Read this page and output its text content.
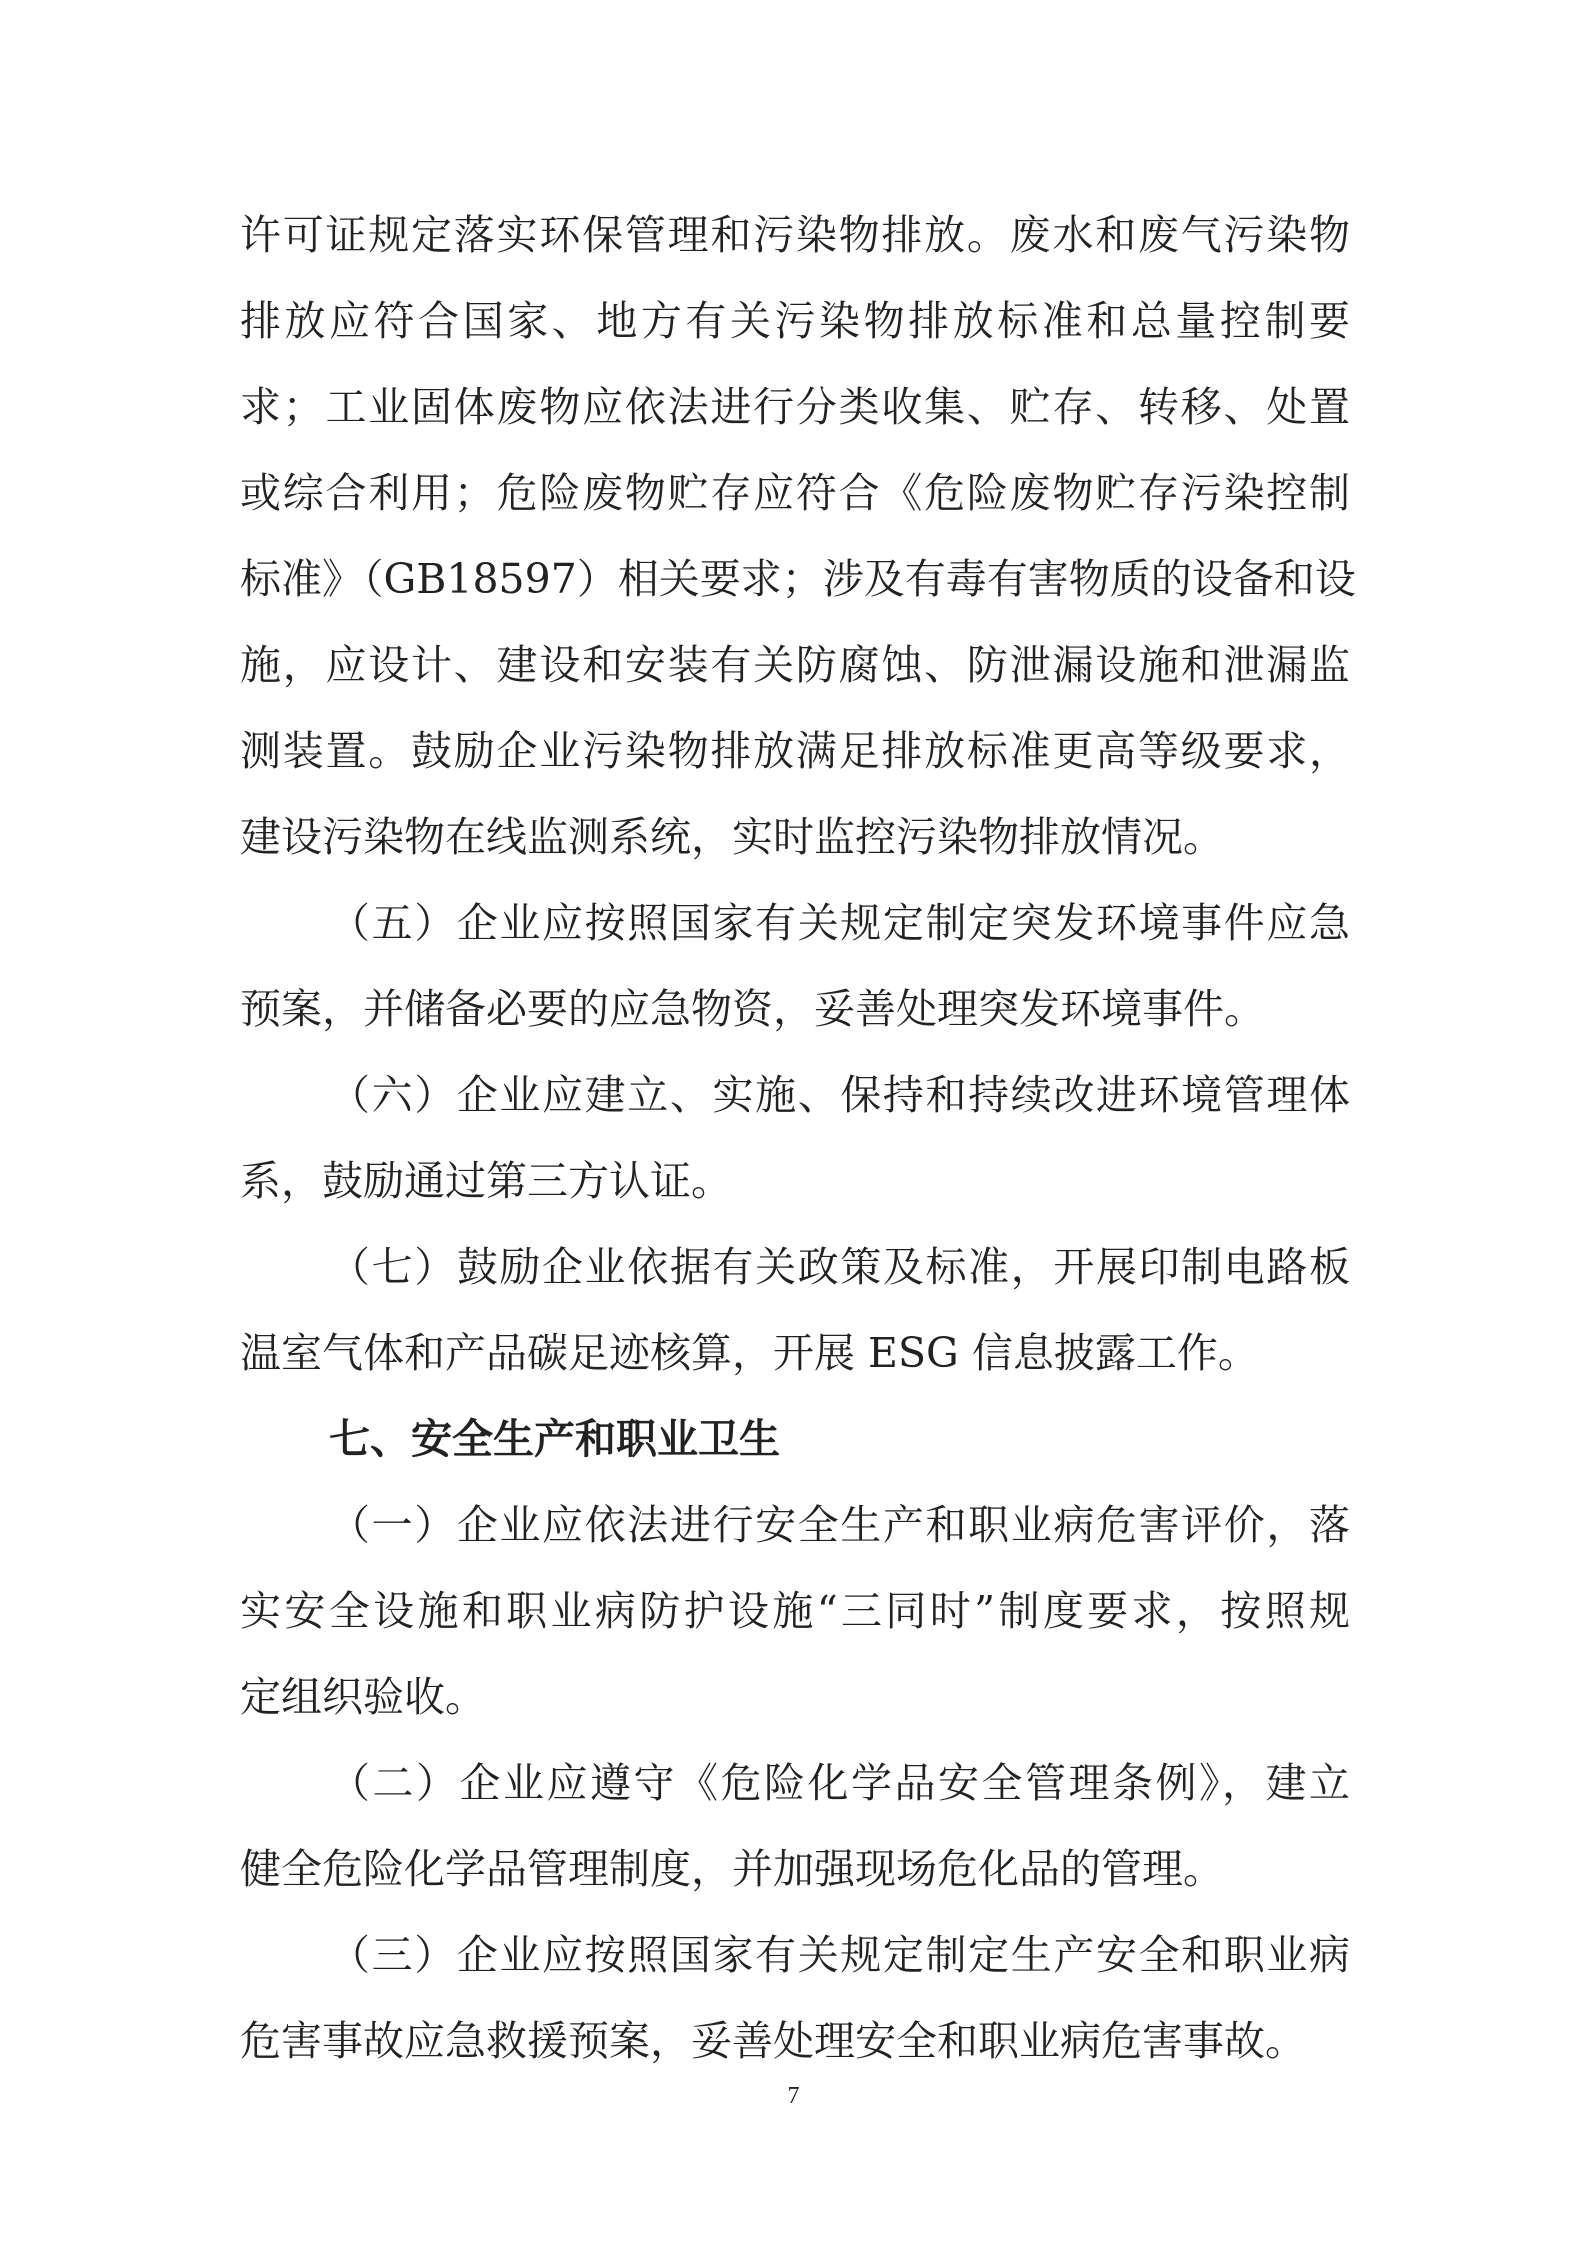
许可证规定落实环保管理和污染物排放。废水和废气污染物
排放应符合国家、地方有关污染物排放标准和总量控制要
求；工业固体废物应依法进行分类收集、贮存、转移、处置
或综合利用；危险废物贮存应符合《危险废物贮存污染控制
标准》（GB18597）相关要求；涉及有毒有害物质的设备和设
施，应设计、建设和安装有关防腐蚀、防泄漏设施和泄漏监
测装置。鼓励企业污染物排放满足排放标准更高等级要求，
建设污染物在线监测系统，实时监控污染物排放情况。
（五）企业应按照国家有关规定制定突发环境事件应急
预案，并储备必要的应急物资，妥善处理突发环境事件。
（六）企业应建立、实施、保持和持续改进环境管理体
系，鼓励通过第三方认证。
（七）鼓励企业依据有关政策及标准，开展印制电路板
温室气体和产品碳足迹核算，开展 ESG 信息披露工作。
七、安全生产和职业卫生
（一）企业应依法进行安全生产和职业病危害评价，落
实安全设施和职业病防护设施“三同时”制度要求，按照规
定组织验收。
（二）企业应遵守《危险化学品安全管理条例》，建立
健全危险化学品管理制度，并加强现场危化品的管理。
（三）企业应按照国家有关规定制定生产安全和职业病
危害事故应急救援预案，妥善处理安全和职业病危害事故。
7
